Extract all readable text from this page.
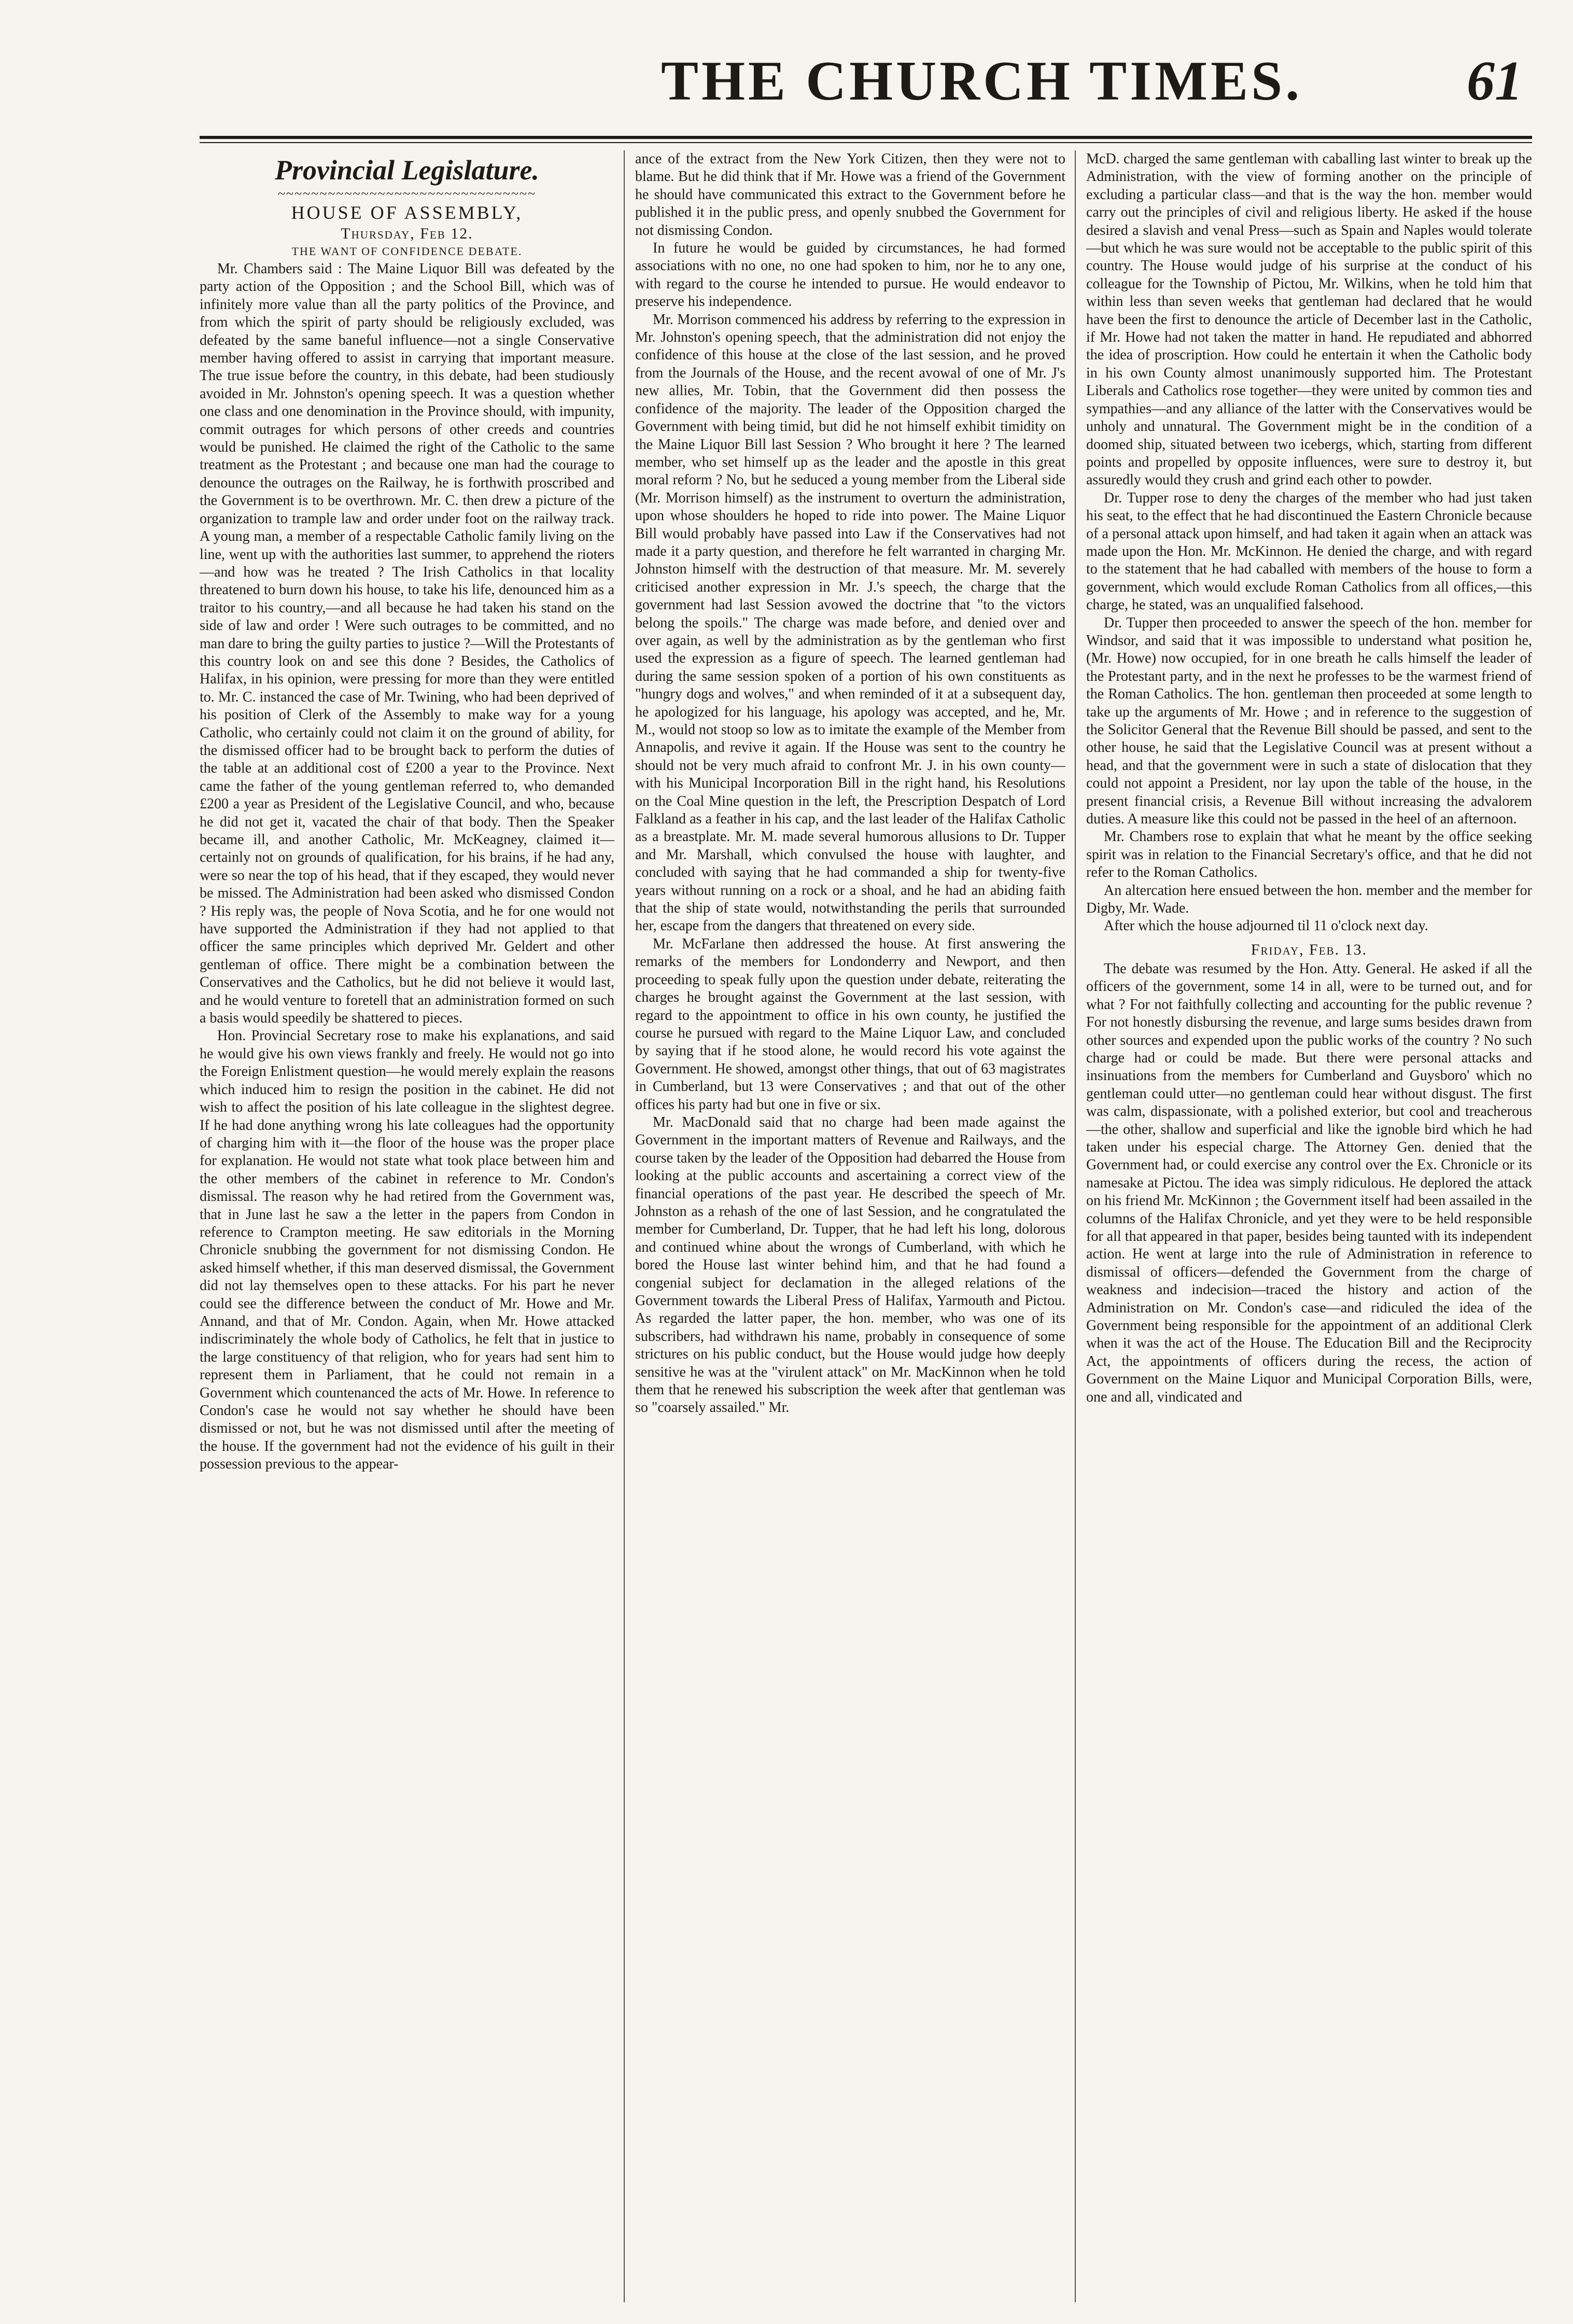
THE CHURCH TIMES.	61
Provincial Legislature.
~~~~~~~~~~~~~~~~~~~~~~~~~~~~~~~
HOUSE OF ASSEMBLY,
Thursday, Feb 12.
THE WANT OF CONFIDENCE DEBATE.

Mr. Chambers said : The Maine Liquor Bill was defeated by the party action of the Opposition ; and the School Bill, which was of infinitely more value than all the party politics of the Province, and from which the spirit of party should be religiously excluded, was defeated by the same baneful influence—not a single Conservative member having offered to assist in carrying that important measure. The true issue before the country, in this debate, had been studiously avoided in Mr. Johnston's opening speech. It was a question whether one class and one denomination in the Province should, with impunity, commit outrages for which persons of other creeds and countries would be punished. He claimed the right of the Catholic to the same treatment as the Protestant ; and because one man had the courage to denounce the outrages on the Railway, he is forthwith proscribed and the Government is to be overthrown. Mr. C. then drew a picture of the organization to trample law and order under foot on the railway track. A young man, a member of a respectable Catholic family living on the line, went up with the authorities last summer, to apprehend the rioters—and how was he treated ? The Irish Catholics in that locality threatened to burn down his house, to take his life, denounced him as a traitor to his country,—and all because he had taken his stand on the side of law and order ! Were such outrages to be committed, and no man dare to bring the guilty parties to justice ?—Will the Protestants of this country look on and see this done ? Besides, the Catholics of Halifax, in his opinion, were pressing for more than they were entitled to. Mr. C. instanced the case of Mr. Twining, who had been deprived of his position of Clerk of the Assembly to make way for a young Catholic, who certainly could not claim it on the ground of ability, for the dismissed officer had to be brought back to perform the duties of the table at an additional cost of £200 a year to the Province. Next came the father of the young gentleman referred to, who demanded £200 a year as President of the Legislative Council, and who, because he did not get it, vacated the chair of that body. Then the Speaker became ill, and another Catholic, Mr. McKeagney, claimed it—certainly not on grounds of qualification, for his brains, if he had any, were so near the top of his head, that if they escaped, they would never be missed. The Administration had been asked who dismissed Condon ? His reply was, the people of Nova Scotia, and he for one would not have supported the Administration if they had not applied to that officer the same principles which deprived Mr. Geldert and other gentleman of office. There might be a combination between the Conservatives and the Catholics, but he did not believe it would last, and he would venture to foretell that an administration formed on such a basis would speedily be shattered to pieces.

Hon. Provincial Secretary rose to make his explanations, and said he would give his own views frankly and freely. He would not go into the Foreign Enlistment question—he would merely explain the reasons which induced him to resign the position in the cabinet. He did not wish to affect the position of his late colleague in the slightest degree. If he had done anything wrong his late colleagues had the opportunity of charging him with it—the floor of the house was the proper place for explanation. He would not state what took place between him and the other members of the cabinet in reference to Mr. Condon's dismissal. The reason why he had retired from the Government was, that in June last he saw a the letter in the papers from Condon in reference to Crampton meeting. He saw editorials in the Morning Chronicle snubbing the government for not dismissing Condon. He asked himself whether, if this man deserved dismissal, the Government did not lay themselves open to these attacks. For his part he never could see the difference between the conduct of Mr. Howe and Mr. Annand, and that of Mr. Condon. Again, when Mr. Howe attacked indiscriminately the whole body of Catholics, he felt that in justice to the large constituency of that religion, who for years had sent him to represent them in Parliament, that he could not remain in a Government which countenanced the acts of Mr. Howe. In reference to Condon's case he would not say whether he should have been dismissed or not, but he was not dismissed until after the meeting of the house. If the government had not the evidence of his guilt in their possession previous to the appear-

ance of the extract from the New York Citizen, then they were not to blame. But he did think that if Mr. Howe was a friend of the Government he should have communicated this extract to the Government before he published it in the public press, and openly snubbed the Government for not dismissing Condon.

In future he would be guided by circumstances, he had formed associations with no one, no one had spoken to him, nor he to any one, with regard to the course he intended to pursue. He would endeavor to preserve his independence.

Mr. Morrison commenced his address by referring to the expression in Mr. Johnston's opening speech, that the administration did not enjoy the confidence of this house at the close of the last session, and he proved from the Journals of the House, and the recent avowal of one of Mr. J's new allies, Mr. Tobin, that the Government did then possess the confidence of the majority. The leader of the Opposition charged the Government with being timid, but did he not himself exhibit timidity on the Maine Liquor Bill last Session ? Who brought it here ? The learned member, who set himself up as the leader and the apostle in this great moral reform ? No, but he seduced a young member from the Liberal side (Mr. Morrison himself) as the instrument to overturn the administration, upon whose shoulders he hoped to ride into power. The Maine Liquor Bill would probably have passed into Law if the Conservatives had not made it a party question, and therefore he felt warranted in charging Mr. Johnston himself with the destruction of that measure. Mr. M. severely criticised another expression in Mr. J.'s speech, the charge that the government had last Session avowed the doctrine that "to the victors belong the spoils." The charge was made before, and denied over and over again, as well by the administration as by the gentleman who first used the expression as a figure of speech. The learned gentleman had during the same session spoken of a portion of his own constituents as "hungry dogs and wolves," and when reminded of it at a subsequent day, he apologized for his language, his apology was accepted, and he, Mr. M., would not stoop so low as to imitate the example of the Member from Annapolis, and revive it again. If the House was sent to the country he should not be very much afraid to confront Mr. J. in his own county—with his Municipal Incorporation Bill in the right hand, his Resolutions on the Coal Mine question in the left, the Prescription Despatch of Lord Falkland as a feather in his cap, and the last leader of the Halifax Catholic as a breastplate. Mr. M. made several humorous allusions to Dr. Tupper and Mr. Marshall, which convulsed the house with laughter, and concluded with saying that he had commanded a ship for twenty-five years without running on a rock or a shoal, and he had an abiding faith that the ship of state would, notwithstanding the perils that surrounded her, escape from the dangers that threatened on every side.

Mr. McFarlane then addressed the house. At first answering the remarks of the members for Londonderry and Newport, and then proceeding to speak fully upon the question under debate, reiterating the charges he brought against the Government at the last session, with regard to the appointment to office in his own county, he justified the course he pursued with regard to the Maine Liquor Law, and concluded by saying that if he stood alone, he would record his vote against the Government. He showed, amongst other things, that out of 63 magistrates in Cumberland, but 13 were Conservatives ; and that out of the other offices his party had but one in five or six.

Mr. MacDonald said that no charge had been made against the Government in the important matters of Revenue and Railways, and the course taken by the leader of the Opposition had debarred the House from looking at the public accounts and ascertaining a correct view of the financial operations of the past year. He described the speech of Mr. Johnston as a rehash of the one of last Session, and he congratulated the member for Cumberland, Dr. Tupper, that he had left his long, dolorous and continued whine about the wrongs of Cumberland, with which he bored the House last winter behind him, and that he had found a congenial subject for declamation in the alleged relations of the Government towards the Liberal Press of Halifax, Yarmouth and Pictou. As regarded the latter paper, the hon. member, who was one of its subscribers, had withdrawn his name, probably in consequence of some strictures on his public conduct, but the House would judge how deeply sensitive he was at the "virulent attack" on Mr. MacKinnon when he told them that he renewed his subscription the week after that gentleman was so "coarsely assailed." Mr.

McD. charged the same gentleman with caballing last winter to break up the Administration, with the view of forming another on the principle of excluding a particular class—and that is the way the hon. member would carry out the principles of civil and religious liberty. He asked if the house desired a slavish and venal Press—such as Spain and Naples would tolerate—but which he was sure would not be acceptable to the public spirit of this country. The House would judge of his surprise at the conduct of his colleague for the Township of Pictou, Mr. Wilkins, when he told him that within less than seven weeks that gentleman had declared that he would have been the first to denounce the article of December last in the Catholic, if Mr. Howe had not taken the matter in hand. He repudiated and abhorred the idea of proscription. How could he entertain it when the Catholic body in his own County almost unanimously supported him. The Protestant Liberals and Catholics rose together—they were united by common ties and sympathies—and any alliance of the latter with the Conservatives would be unholy and unnatural. The Government might be in the condition of a doomed ship, situated between two icebergs, which, starting from different points and propelled by opposite influences, were sure to destroy it, but assuredly would they crush and grind each other to powder.

Dr. Tupper rose to deny the charges of the member who had just taken his seat, to the effect that he had discontinued the Eastern Chronicle because of a personal attack upon himself, and had taken it again when an attack was made upon the Hon. Mr. McKinnon. He denied the charge, and with regard to the statement that he had caballed with members of the house to form a government, which would exclude Roman Catholics from all offices,—this charge, he stated, was an unqualified falsehood.

Dr. Tupper then proceeded to answer the speech of the hon. member for Windsor, and said that it was impossible to understand what position he, (Mr. Howe) now occupied, for in one breath he calls himself the leader of the Protestant party, and in the next he professes to be the warmest friend of the Roman Catholics. The hon. gentleman then proceeded at some length to take up the arguments of Mr. Howe ; and in reference to the suggestion of the Solicitor General that the Revenue Bill should be passed, and sent to the other house, he said that the Legislative Council was at present without a head, and that the government were in such a state of dislocation that they could not appoint a President, nor lay upon the table of the house, in the present financial crisis, a Revenue Bill without increasing the advalorem duties. A measure like this could not be passed in the heel of an afternoon.

Mr. Chambers rose to explain that what he meant by the office seeking spirit was in relation to the Financial Secretary's office, and that he did not refer to the Roman Catholics.

An altercation here ensued between the hon. member and the member for Digby, Mr. Wade.

After which the house adjourned til 11 o'clock next day.

Friday, Feb. 13.

The debate was resumed by the Hon. Atty. General. He asked if all the officers of the government, some 14 in all, were to be turned out, and for what ? For not faithfully collecting and accounting for the public revenue ? For not honestly disbursing the revenue, and large sums besides drawn from other sources and expended upon the public works of the country ? No such charge had or could be made. But there were personal attacks and insinuations from the members for Cumberland and Guysboro' which no gentleman could utter—no gentleman could hear without disgust. The first was calm, dispassionate, with a polished exterior, but cool and treacherous—the other, shallow and superficial and like the ignoble bird which he had taken under his especial charge. The Attorney Gen. denied that the Government had, or could exercise any control over the Ex. Chronicle or its namesake at Pictou. The idea was simply ridiculous. He deplored the attack on his friend Mr. McKinnon ; the Government itself had been assailed in the columns of the Halifax Chronicle, and yet they were to be held responsible for all that appeared in that paper, besides being taunted with its independent action. He went at large into the rule of Administration in reference to dismissal of officers—defended the Government from the charge of weakness and indecision—traced the history and action of the Administration on Mr. Condon's case—and ridiculed the idea of the Government being responsible for the appointment of an additional Clerk when it was the act of the House. The Education Bill and the Reciprocity Act, the appointments of officers during the recess, the action of Government on the Maine Liquor and Municipal Corporation Bills, were, one and all, vindicated and
